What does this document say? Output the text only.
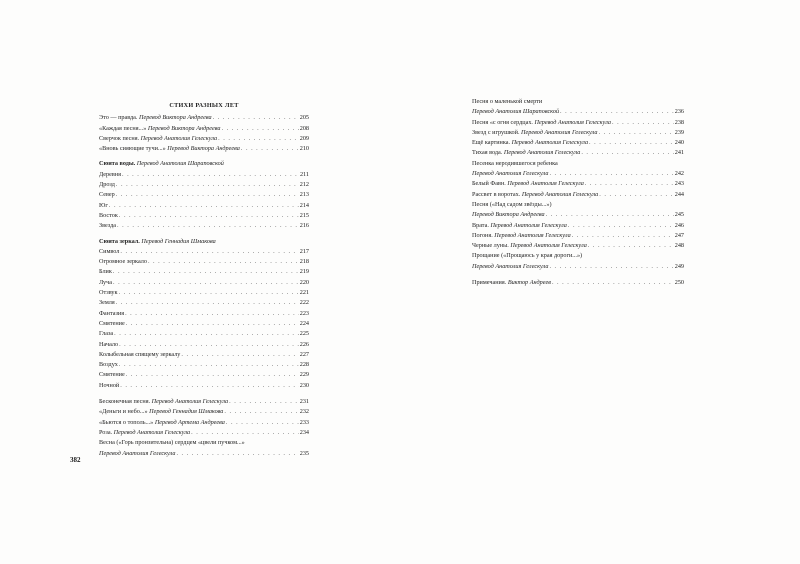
СТИХИ РАЗНЫХ ЛЕТ
Это — правда. Перевод Виктора Андреева . . .	205
«Каждая песня...» Перевод Виктора Андреева . . .	208
Сверчок песня. Перевод Анатолия Гелескула . . .	209
«Вновь сияющие тучи...» Перевод Виктора Андреева . . .	210
Сюита воды. Перевод Анатолия Шараповской
Деревня . . .	211
Дрозд . . .	212
Север . . .	213
Юг . . .	214
Восток . . .	215
Звезда . . .	216
Сюита зеркал. Перевод Геннадия Шмакова
Символ . . .	217
Огромное зеркало . . .	218
Блик . . .	219
Луча . . .	220
Отзвук . . .	221
Земля . . .	222
Фантазия . . .	223
Смятение . . .	224
Глаза . . .	225
Начало . . .	226
Колыбельная спящему зеркалу . . .	227
Воздух . . .	228
Смятение . . .	229
Ночной . . .	230
Бесконечная песня. Перевод Анатолия Гелескула . . .	231
«Деньги и небо...» Перевод Геннадия Шмакова . . .	232
«Бьются о тополь...» Перевод Артема Андреева . . .	233
Роза. Перевод Анатолия Гелескула . . .	234
Весна («Горь пронзительна) сердцем «цвели пучком...»
Перевод Анатолия Гелескула . . .	235
382
Песня о маленькой смерти
Перевод Анатолия Шараповской . . .	236
Песня «с огня сердцах. Перевод Анатолия Гелескула . . .	238
Звезд с игрушкой. Перевод Анатолия Гелескула . . .	239
Ещё картинка. Перевод Анатолия Гелескула . . .	240
Тихая вода. Перевод Анатолия Гелескула . . .	241
Песенка неродившегося ребенка
Перевод Анатолия Гелескула . . .	242
Белый Фавн. Перевод Анатолия Гелескула . . .	243
Рассвет в воротах. Перевод Анатолия Гелескула . . .	244
Песня («Над садом звёзды...»)
Перевод Виктора Андреева . . .	245
Врата. Перевод Анатолия Гелескула . . .	246
Погоня. Перевод Анатолия Гелескула . . .	247
Черные луны. Перевод Анатолия Гелескула . . .	248
Прощание («Прощаюсь у края дороги...»)
Перевод Анатолия Гелескула . . .	249
Примечания. Виктор Андреев . . .	250
